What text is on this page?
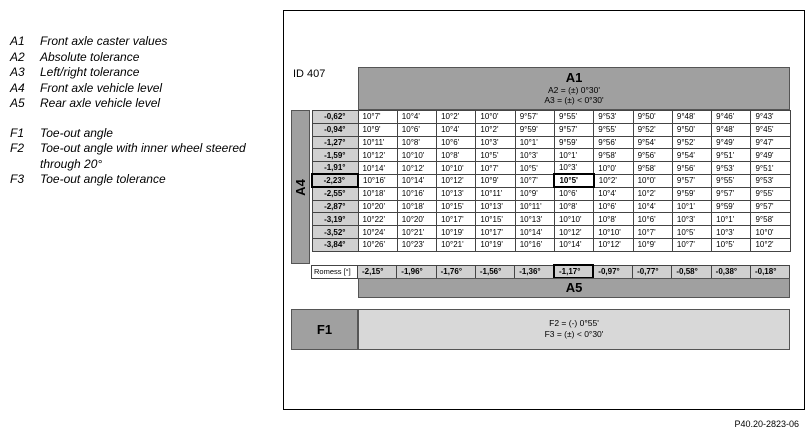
A1	Front axle caster values
A2	Absolute tolerance
A3	Left/right tolerance
A4	Front axle vehicle level
A5	Rear axle vehicle level
F1	Toe-out angle
F2	Toe-out angle with inner wheel steered through 20°
F3	Toe-out angle tolerance
ID 407	A1
A2 = (±) 0°30'
A3 = (±) < 0°30'
A4
-0,62°	10°7'	10°4'	10°2'	10°0'	9°57'	9°55'	9°53'	9°50'	9°48'	9°46'	9°43'
-0,94°	10°9'	10°6'	10°4'	10°2'	9°59'	9°57'	9°55'	9°52'	9°50'	9°48'	9°45'
-1,27°	10°11'	10°8'	10°6'	10°3'	10°1'	9°59'	9°56'	9°54'	9°52'	9°49'	9°47'
-1,59°	10°12'	10°10'	10°8'	10°5'	10°3'	10°1'	9°58'	9°56'	9°54'	9°51'	9°49'
-1,91°	10°14'	10°12'	10°10'	10°7'	10°5'	10°3'	10°0'	9°58'	9°56'	9°53'	9°51'
-2,23°	10°16'	10°14'	10°12'	10°9'	10°7'	10°5'	10°2'	10°0'	9°57'	9°55'	9°53'
-2,55°	10°18'	10°16'	10°13'	10°11'	10°9'	10°6'	10°4'	10°2'	9°59'	9°57'	9°55'
-2,87°	10°20'	10°18'	10°15'	10°13'	10°11'	10°8'	10°6'	10°4'	10°1'	9°59'	9°57'
-3,19°	10°22'	10°20'	10°17'	10°15'	10°13'	10°10'	10°8'	10°6'	10°3'	10°1'	9°58'
-3,52°	10°24'	10°21'	10°19'	10°17'	10°14'	10°12'	10°10'	10°7'	10°5'	10°3'	10°0'
-3,84°	10°26'	10°23'	10°21'	10°19'	10°16'	10°14'	10°12'	10°9'	10°7'	10°5'	10°2'
Romess [°]	-2,15°	-1,96°	-1,76°	-1,56°	-1,36°	-1,17°	-0,97°	-0,77°	-0,58°	-0,38°	-0,18°
A5
F1	F2 = (-) 0°55'
F3 = (±) < 0°30'
P40.20-2823-06
